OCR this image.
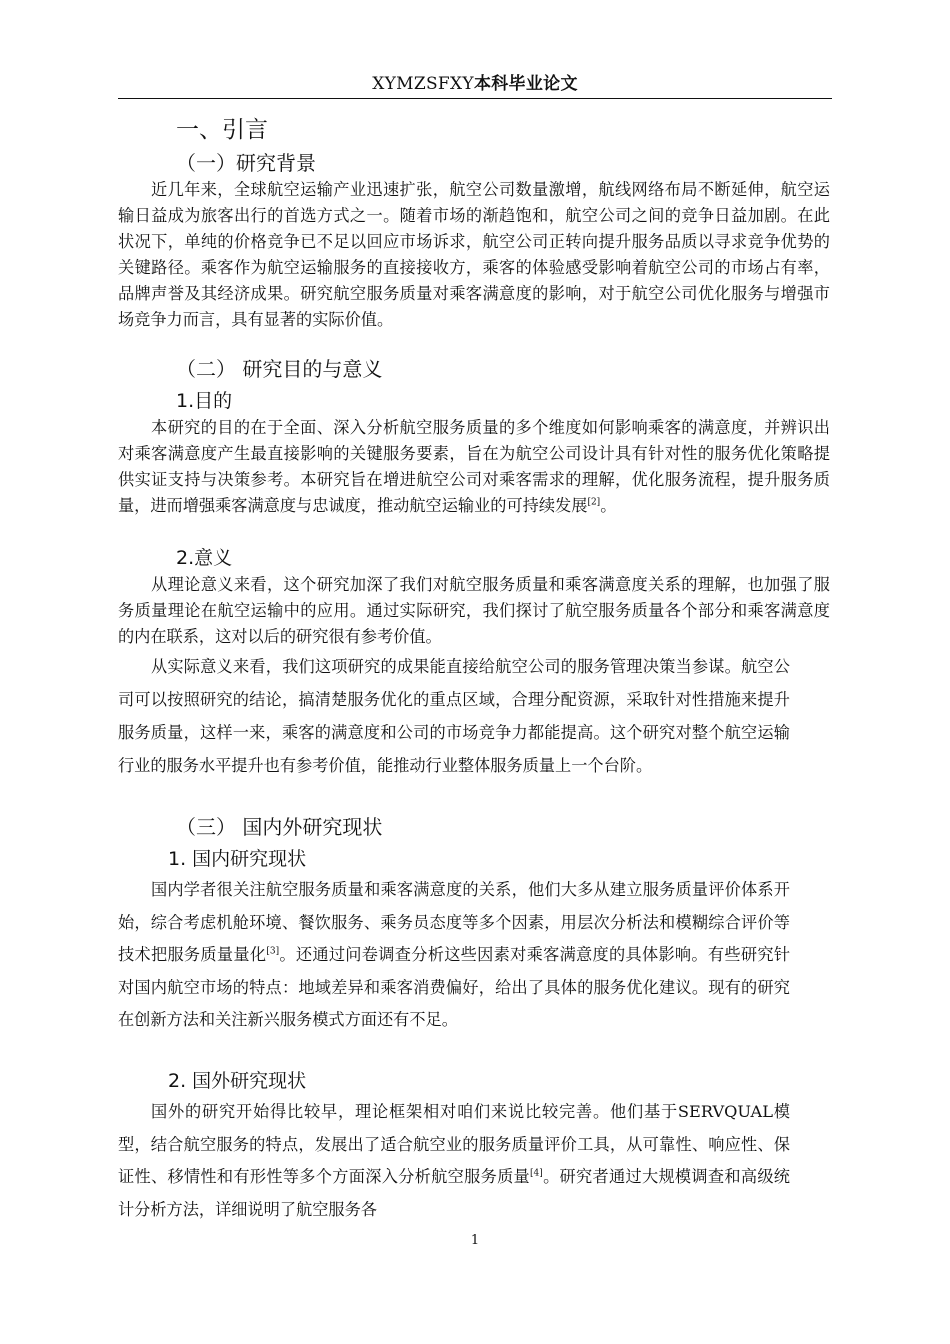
XYMZSFXY本科毕业论文
一、引言
（一）研究背景
近几年来，全球航空运输产业迅速扩张，航空公司数量激增，航线网络布局不断延伸，航空运输日益成为旅客出行的首选方式之一。随着市场的渐趋饱和，航空公司之间的竞争日益加剧。在此状况下，单纯的价格竞争已不足以回应市场诉求，航空公司正转向提升服务品质以寻求竞争优势的关键路径。乘客作为航空运输服务的直接接收方，乘客的体验感受影响着航空公司的市场占有率，品牌声誉及其经济成果。研究航空服务质量对乘客满意度的影响，对于航空公司优化服务与增强市场竞争力而言，具有显著的实际价值。
（二） 研究目的与意义
1.目的
本研究的目的在于全面、深入分析航空服务质量的多个维度如何影响乘客的满意度，并辨识出对乘客满意度产生最直接影响的关键服务要素，旨在为航空公司设计具有针对性的服务优化策略提供实证支持与决策参考。本研究旨在增进航空公司对乘客需求的理解，优化服务流程，提升服务质量，进而增强乘客满意度与忠诚度，推动航空运输业的可持续发展[2]。
2.意义
从理论意义来看，这个研究加深了我们对航空服务质量和乘客满意度关系的理解，也加强了服务质量理论在航空运输中的应用。通过实际研究，我们探讨了航空服务质量各个部分和乘客满意度的内在联系，这对以后的研究很有参考价值。
从实际意义来看，我们这项研究的成果能直接给航空公司的服务管理决策当参谋。航空公司可以按照研究的结论，搞清楚服务优化的重点区域，合理分配资源，采取针对性措施来提升服务质量，这样一来，乘客的满意度和公司的市场竞争力都能提高。这个研究对整个航空运输行业的服务水平提升也有参考价值，能推动行业整体服务质量上一个台阶。
（三） 国内外研究现状
1. 国内研究现状
国内学者很关注航空服务质量和乘客满意度的关系，他们大多从建立服务质量评价体系开始，综合考虑机舱环境、餐饮服务、乘务员态度等多个因素，用层次分析法和模糊综合评价等技术把服务质量量化[3]。还通过问卷调查分析这些因素对乘客满意度的具体影响。有些研究针对国内航空市场的特点：地域差异和乘客消费偏好，给出了具体的服务优化建议。现有的研究在创新方法和关注新兴服务模式方面还有不足。
2. 国外研究现状
国外的研究开始得比较早，理论框架相对咱们来说比较完善。他们基于SERVQUAL模型，结合航空服务的特点，发展出了适合航空业的服务质量评价工具，从可靠性、响应性、保证性、移情性和有形性等多个方面深入分析航空服务质量[4]。研究者通过大规模调查和高级统计分析方法，详细说明了航空服务各
1
